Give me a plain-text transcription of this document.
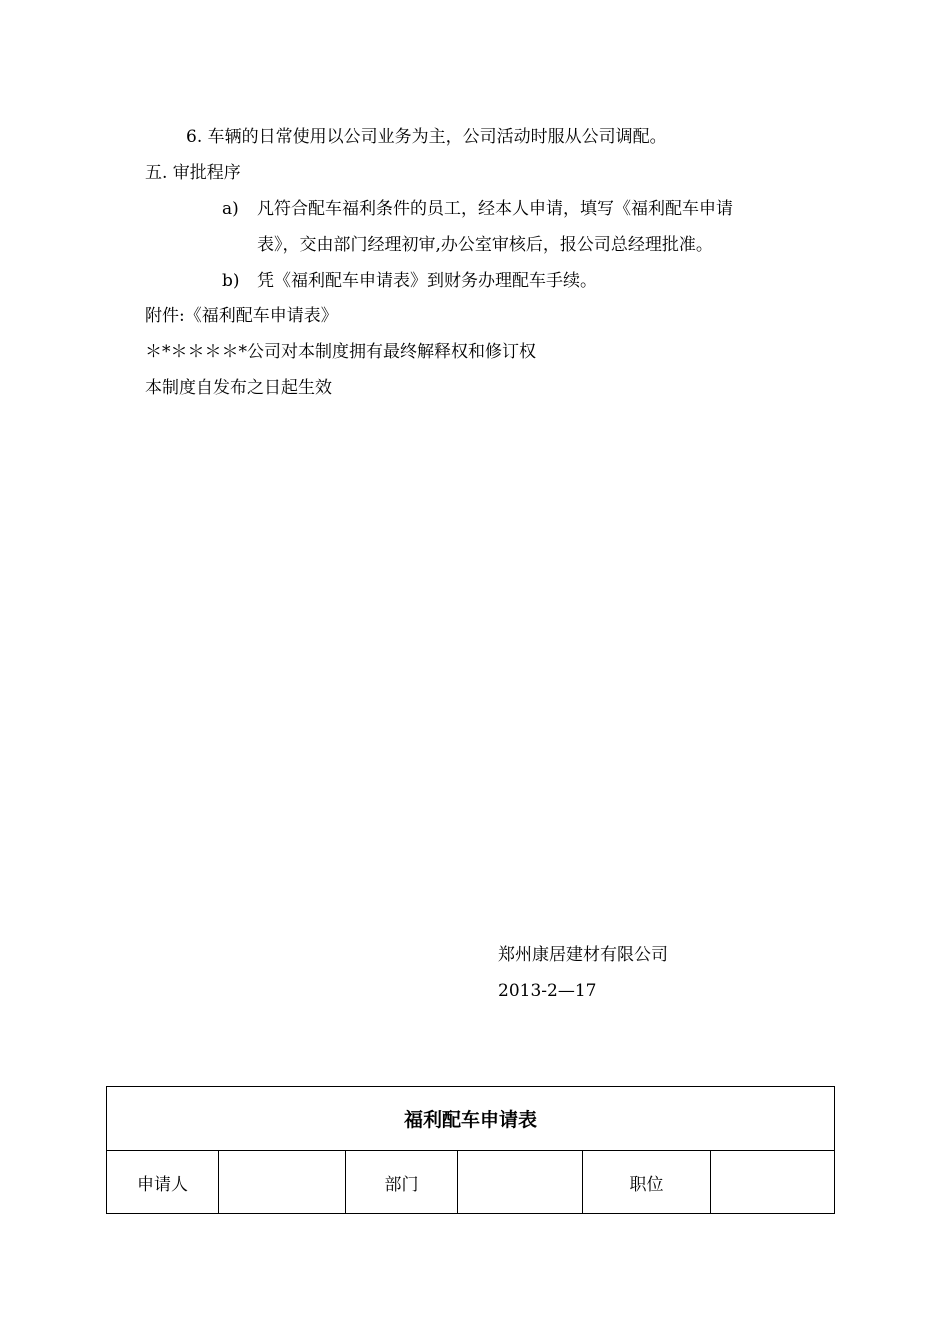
6. 车辆的日常使用以公司业务为主，公司活动时服从公司调配。
五. 审批程序
a) 凡符合配车福利条件的员工，经本人申请，填写《福利配车申请
表》，交由部门经理初审,办公室审核后，报公司总经理批准。
b) 凭《福利配车申请表》到财务办理配车手续。
附件:《福利配车申请表》
＊*＊＊＊＊*公司对本制度拥有最终解释权和修订权
本制度自发布之日起生效
郑州康居建材有限公司
2013-2—17
福利配车申请表
申请人		部门		职位	
